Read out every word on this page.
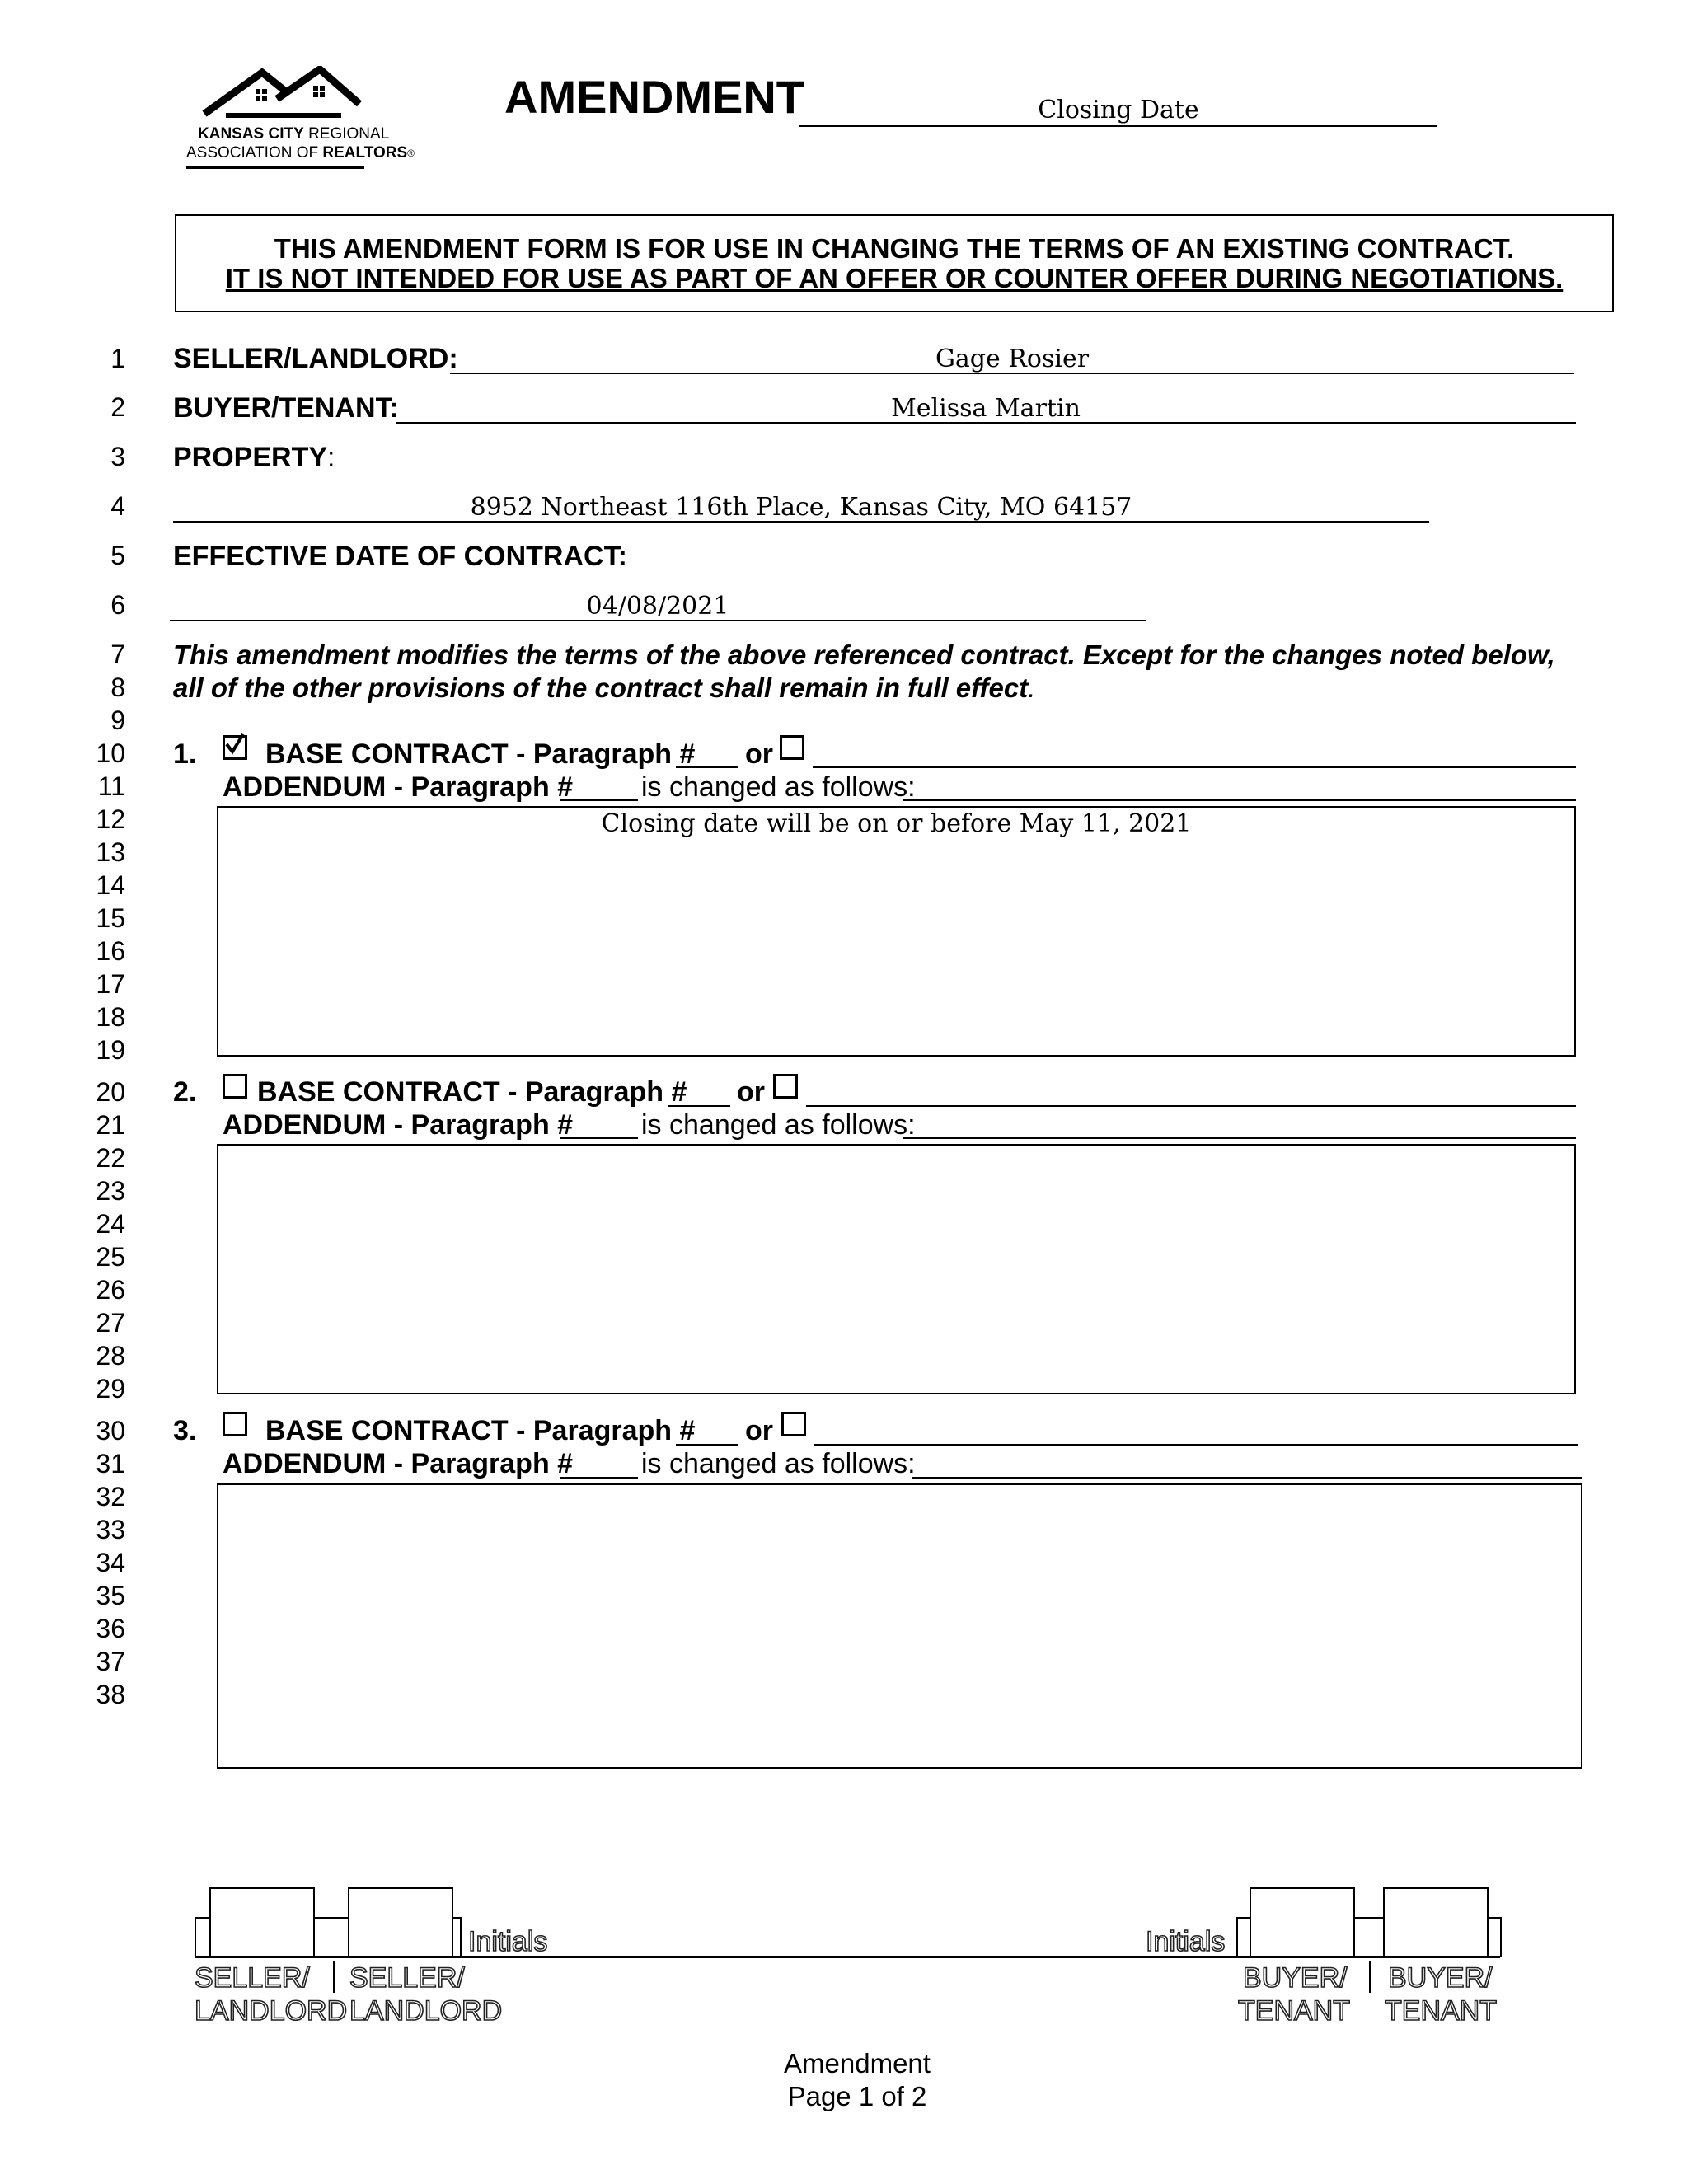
KANSAS CITY REGIONAL
ASSOCIATION OF REALTORS®
AMENDMENT	Closing Date
THIS AMENDMENT FORM IS FOR USE IN CHANGING THE TERMS OF AN EXISTING CONTRACT.
IT IS NOT INTENDED FOR USE AS PART OF AN OFFER OR COUNTER OFFER DURING NEGOTIATIONS.
1
2
3
4
5
6
7
8
9
10
11
12
13
14
15
16
17
18
19
20
21
22
23
24
25
26
27
28
29
30
31
32
33
34
35
36
37
38
SELLER/LANDLORD:	Gage Rosier
BUYER/TENANT:	Melissa Martin
PROPERTY:
8952 Northeast 116th Place, Kansas City, MO 64157
EFFECTIVE DATE OF CONTRACT:
04/08/2021
This amendment modifies the terms of the above referenced contract. Except for the changes noted below,
all of the other provisions of the contract shall remain in full effect.
1. BASE CONTRACT - Paragraph # or
ADDENDUM - Paragraph # is changed as follows:
Closing date will be on or before May 11, 2021
2. BASE CONTRACT - Paragraph # or
ADDENDUM - Paragraph # is changed as follows:
3. BASE CONTRACT - Paragraph # or
ADDENDUM - Paragraph # is changed as follows:
Initials
SELLER/
LANDLORD
SELLER/
LANDLORD
Initials
BUYER/
TENANT
BUYER/
TENANT
Amendment
Page 1 of 2
